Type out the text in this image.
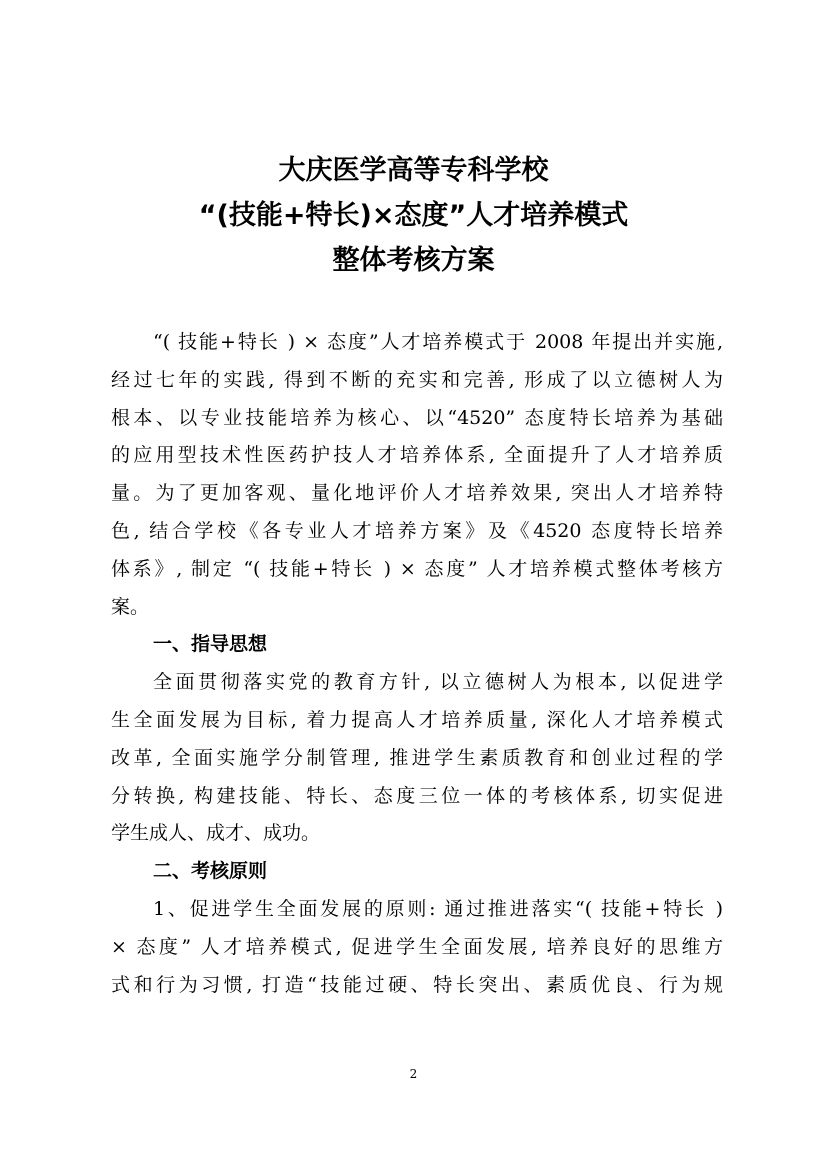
大庆医学高等专科学校
“(技能+特长)×态度”人才培养模式
整体考核方案

“( 技能+特长 ) × 态度”人才培养模式于 2008 年提出并实施,

经过七年的实践, 得到不断的充实和完善, 形成了以立德树人为

根本、以专业技能培养为核心、以“4520” 态度特长培养为基础

的应用型技术性医药护技人才培养体系, 全面提升了人才培养质

量。为了更加客观、量化地评价人才培养效果, 突出人才培养特

色, 结合学校《各专业人才培养方案》及《4520 态度特长培养

体系》, 制定 “( 技能+特长 ) × 态度” 人才培养模式整体考核方

案。

一、指导思想

全面贯彻落实党的教育方针, 以立德树人为根本, 以促进学

生全面发展为目标, 着力提高人才培养质量, 深化人才培养模式

改革, 全面实施学分制管理, 推进学生素质教育和创业过程的学

分转换, 构建技能、特长、态度三位一体的考核体系, 切实促进

学生成人、成才、成功。

二、考核原则

1、促进学生全面发展的原则: 通过推进落实“( 技能+特长 )

× 态度” 人才培养模式, 促进学生全面发展, 培养良好的思维方

式和行为习惯, 打造“技能过硬、特长突出、素质优良、行为规

2
